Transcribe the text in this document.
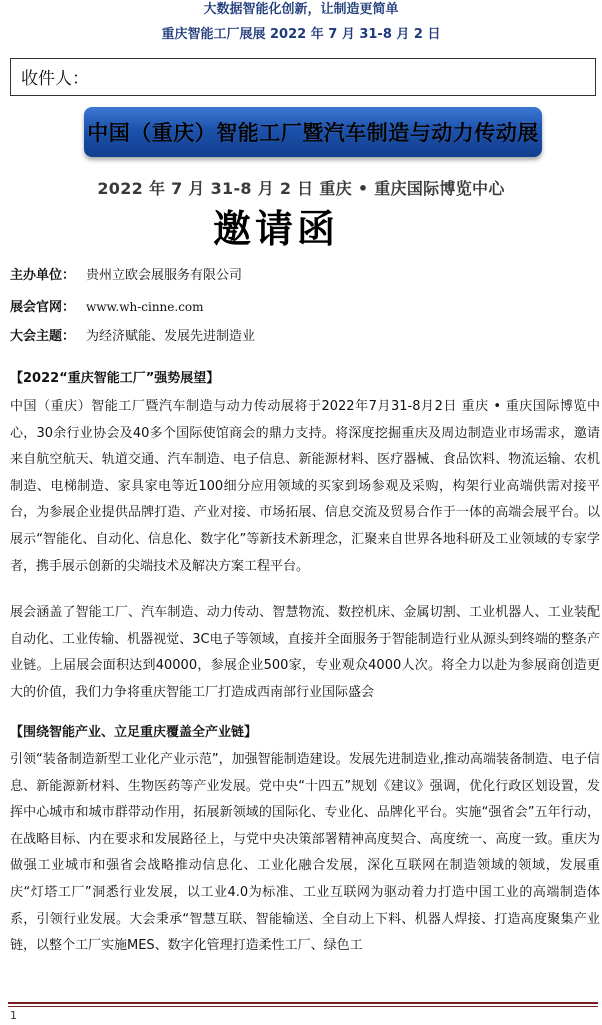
大数据智能化创新，让制造更简单
重庆智能工厂展展 2022 年 7 月 31-8 月 2 日
收件人：
中国（重庆）智能工厂暨汽车制造与动力传动展
2022 年 7 月 31-8 月 2 日 重庆 • 重庆国际博览中心
邀请函
主办单位： 贵州立欧会展服务有限公司
展会官网： www.wh-cinne.com
大会主题： 为经济赋能、发展先进制造业
【2022“重庆智能工厂”强势展望】
中国（重庆）智能工厂暨汽车制造与动力传动展将于2022年7月31-8月2日 重庆 • 重庆国际博览中心，30余行业协会及40多个国际使馆商会的鼎力支持。将深度挖掘重庆及周边制造业市场需求，邀请来自航空航天、轨道交通、汽车制造、电子信息、新能源材料、医疗器械、食品饮料、物流运输、农机制造、电梯制造、家具家电等近100细分应用领域的买家到场参观及采购，构架行业高端供需对接平台，为参展企业提供品牌打造、产业对接、市场拓展、信息交流及贸易合作于一体的高端会展平台。以展示“智能化、自动化、信息化、数字化”等新技术新理念，汇聚来自世界各地科研及工业领域的专家学者，携手展示创新的尖端技术及解决方案工程平台。
展会涵盖了智能工厂、汽车制造、动力传动、智慧物流、数控机床、金属切割、工业机器人、工业装配自动化、工业传输、机器视觉、3C电子等领域，直接并全面服务于智能制造行业从源头到终端的整条产业链。上届展会面积达到40000，参展企业500家，专业观众4000人次。将全力以赴为参展商创造更大的价值，我们力争将重庆智能工厂打造成西南部行业国际盛会
【围绕智能产业、立足重庆覆盖全产业链】
引领“装备制造新型工业化产业示范”，加强智能制造建设。发展先进制造业,推动高端装备制造、电子信息、新能源新材料、生物医药等产业发展。党中央“十四五”规划《建议》强调，优化行政区划设置，发挥中心城市和城市群带动作用，拓展新领域的国际化、专业化、品牌化平台。实施“强省会”五年行动，在战略目标、内在要求和发展路径上，与党中央决策部署精神高度契合、高度统一、高度一致。重庆为做强工业城市和强省会战略推动信息化、工业化融合发展，深化互联网在制造领域的领域，发展重庆“灯塔工厂”洞悉行业发展，以工业4.0为标准、工业互联网为驱动着力打造中国工业的高端制造体系，引领行业发展。大会秉承“智慧互联、智能输送、全自动上下料、机器人焊接、打造高度聚集产业链，以整个工厂实施MES、数字化管理打造柔性工厂、绿色工
1
